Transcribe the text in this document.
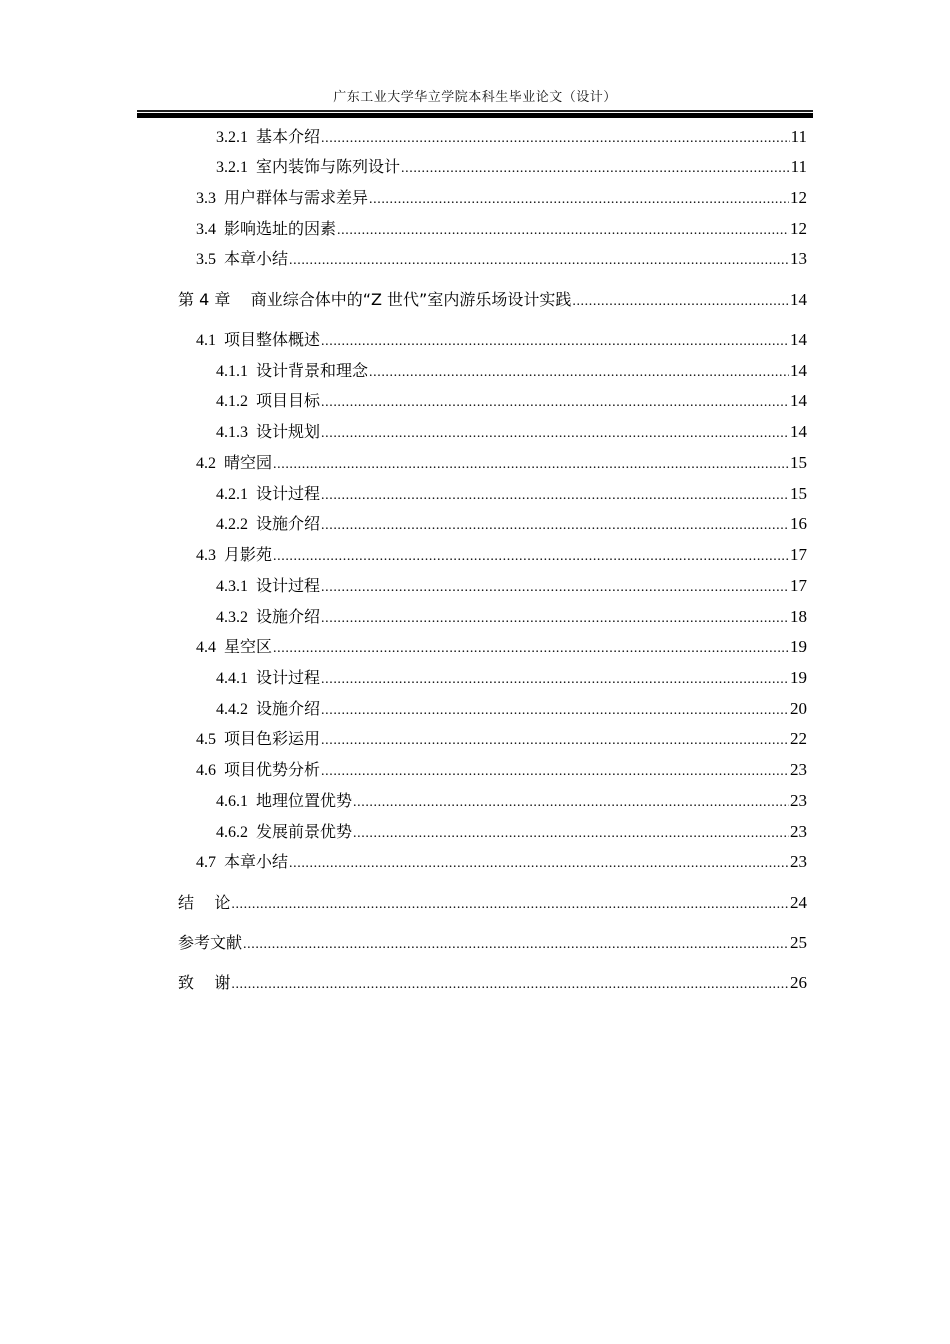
广东工业大学华立学院本科生毕业论文（设计）
3.2.1 基本介绍 .....	11
3.2.1 室内装饰与陈列设计 .....	11
3.3 用户群体与需求差异 .....	12
3.4 影响选址的因素 .....	12
3.5 本章小结 .....	13
第 4 章 商业综合体中的“Z 世代”室内游乐场设计实践 .....	14
4.1 项目整体概述 .....	14
4.1.1 设计背景和理念 .....	14
4.1.2 项目目标 .....	14
4.1.3 设计规划 .....	14
4.2 晴空园 .....	15
4.2.1 设计过程 .....	15
4.2.2 设施介绍 .....	16
4.3 月影苑 .....	17
4.3.1 设计过程 .....	17
4.3.2 设施介绍 .....	18
4.4 星空区 .....	19
4.4.1 设计过程 .....	19
4.4.2 设施介绍 .....	20
4.5 项目色彩运用 .....	22
4.6 项目优势分析 .....	23
4.6.1 地理位置优势 .....	23
4.6.2 发展前景优势 .....	23
4.7 本章小结 .....	23
结    论 .....	24
参考文献 .....	25
致    谢 .....	26
